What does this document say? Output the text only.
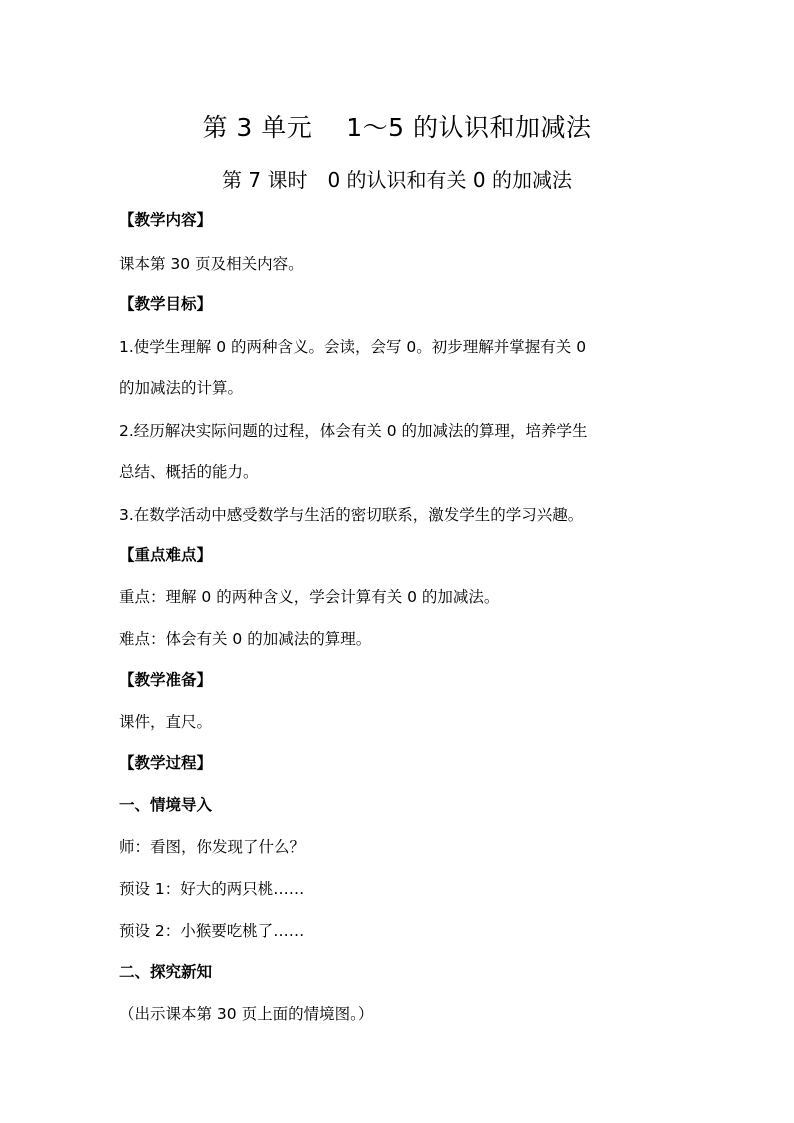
第 3 单元　 1～5 的认识和加减法
第 7 课时　0 的认识和有关 0 的加减法
【教学内容】
课本第 30 页及相关内容。
【教学目标】
1.使学生理解 0 的两种含义。会读，会写 0。初步理解并掌握有关 0
的加减法的计算。
2.经历解决实际问题的过程，体会有关 0 的加减法的算理，培养学生
总结、概括的能力。
3.在数学活动中感受数学与生活的密切联系，激发学生的学习兴趣。
【重点难点】
重点：理解 0 的两种含义，学会计算有关 0 的加减法。
难点：体会有关 0 的加减法的算理。
【教学准备】
课件，直尺。
【教学过程】
一、情境导入
师：看图，你发现了什么？
预设 1：好大的两只桃……
预设 2：小猴要吃桃了……
二、探究新知
（出示课本第 30 页上面的情境图。）
